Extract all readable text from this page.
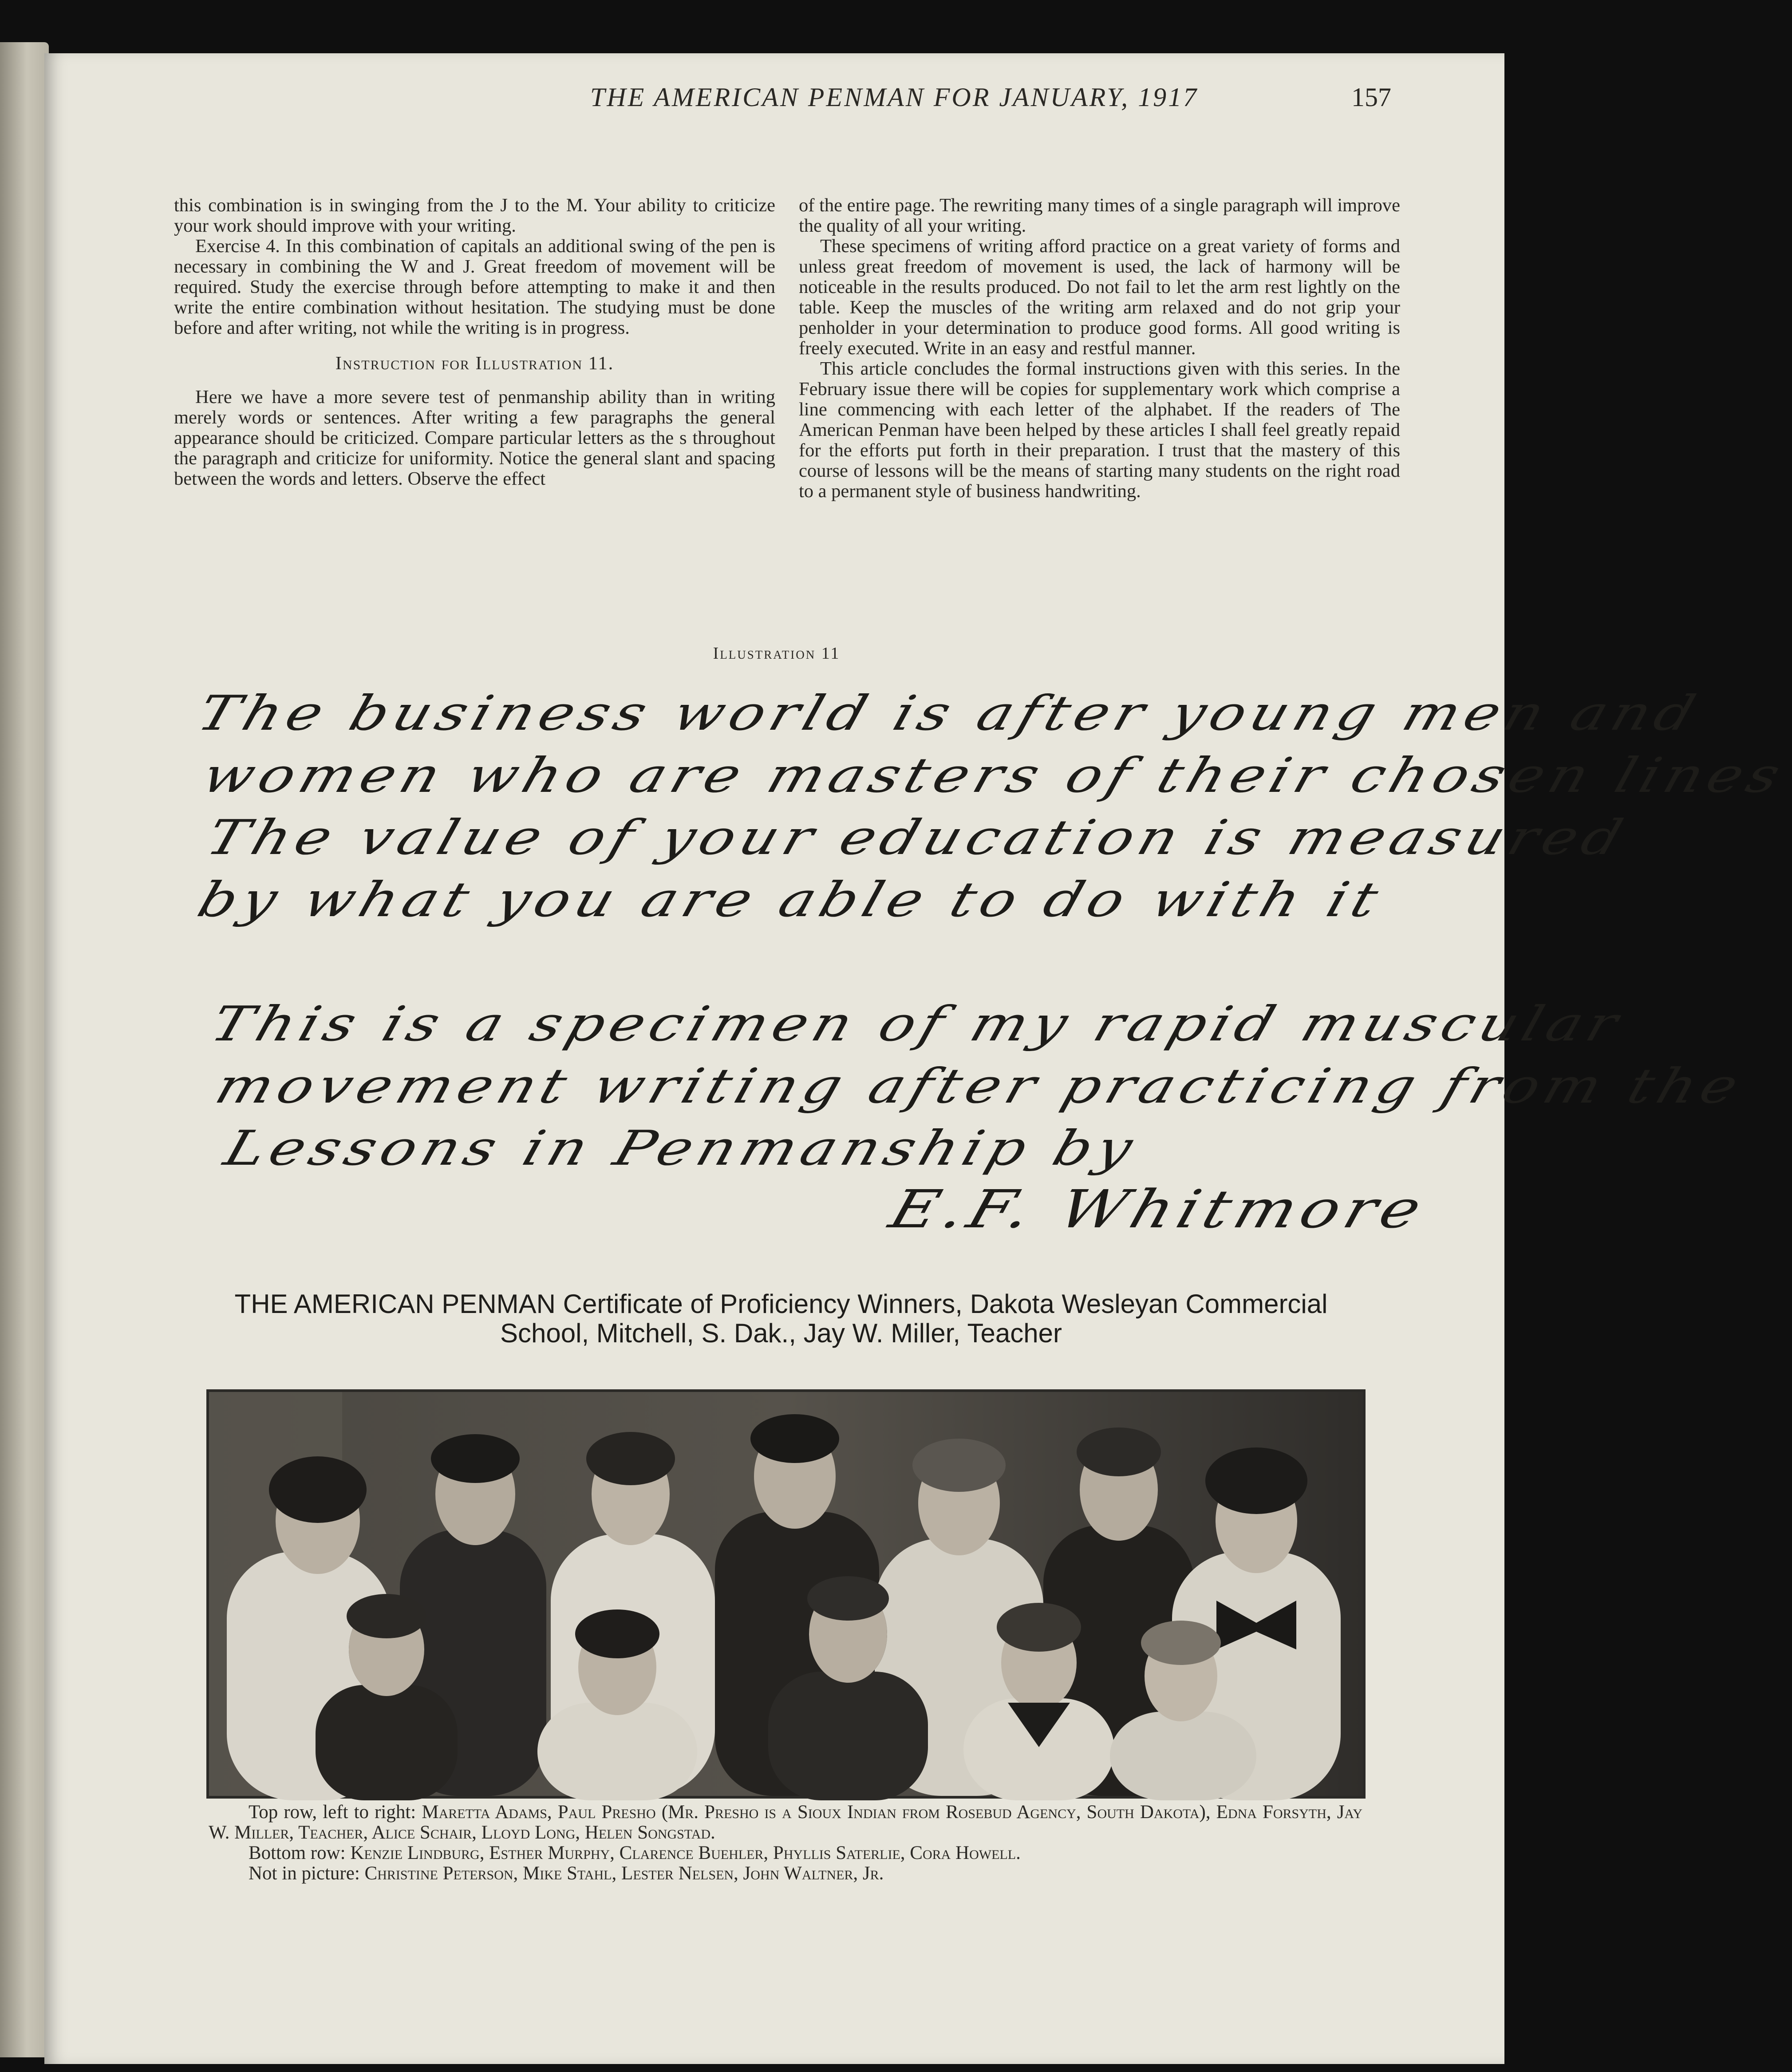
THE AMERICAN PENMAN FOR JANUARY, 1917	157

this combination is in swinging from the J to the M. Your ability to criticize your work should improve with your writing.

Exercise 4. In this combination of capitals an additional swing of the pen is necessary in combining the W and J. Great freedom of movement will be required. Study the exercise through before attempting to make it and then write the entire combination without hesitation. The studying must be done before and after writing, not while the writing is in progress.

Instruction for Illustration 11.

Here we have a more severe test of penmanship ability than in writing merely words or sentences. After writing a few paragraphs the general appearance should be criticized. Compare particular letters as the s throughout the paragraph and criticize for uniformity. Notice the general slant and spacing between the words and letters. Observe the effect

of the entire page. The rewriting many times of a single paragraph will improve the quality of all your writing.

These specimens of writing afford practice on a great variety of forms and unless great freedom of movement is used, the lack of harmony will be noticeable in the results produced. Do not fail to let the arm rest lightly on the table. Keep the muscles of the writing arm relaxed and do not grip your penholder in your determination to produce good forms. All good writing is freely executed. Write in an easy and restful manner.

This article concludes the formal instructions given with this series. In the February issue there will be copies for supplementary work which comprise a line commencing with each letter of the alphabet. If the readers of The American Penman have been helped by these articles I shall feel greatly repaid for the efforts put forth in their preparation. I trust that the mastery of this course of lessons will be the means of starting many students on the right road to a permanent style of business handwriting.

Illustration 11
The business world is after young men and
women who are masters of their chosen lines
The value of your education is measured
by what you are able to do with it
This is a specimen of my rapid muscular
movement writing after practicing from the
Lessons in Penmanship by
E.F. Whitmore
THE AMERICAN PENMAN Certificate of Proficiency Winners, Dakota Wesleyan Commercial
School, Mitchell, S. Dak., Jay W. Miller, Teacher

Top row, left to right: Maretta Adams, Paul Presho (Mr. Presho is a Sioux Indian from Rosebud Agency, South Dakota), Edna Forsyth, Jay W. Miller, Teacher, Alice Schair, Lloyd Long, Helen Songstad.

Bottom row: Kenzie Lindburg, Esther Murphy, Clarence Buehler, Phyllis Saterlie, Cora Howell.

Not in picture: Christine Peterson, Mike Stahl, Lester Nelsen, John Waltner, Jr.
